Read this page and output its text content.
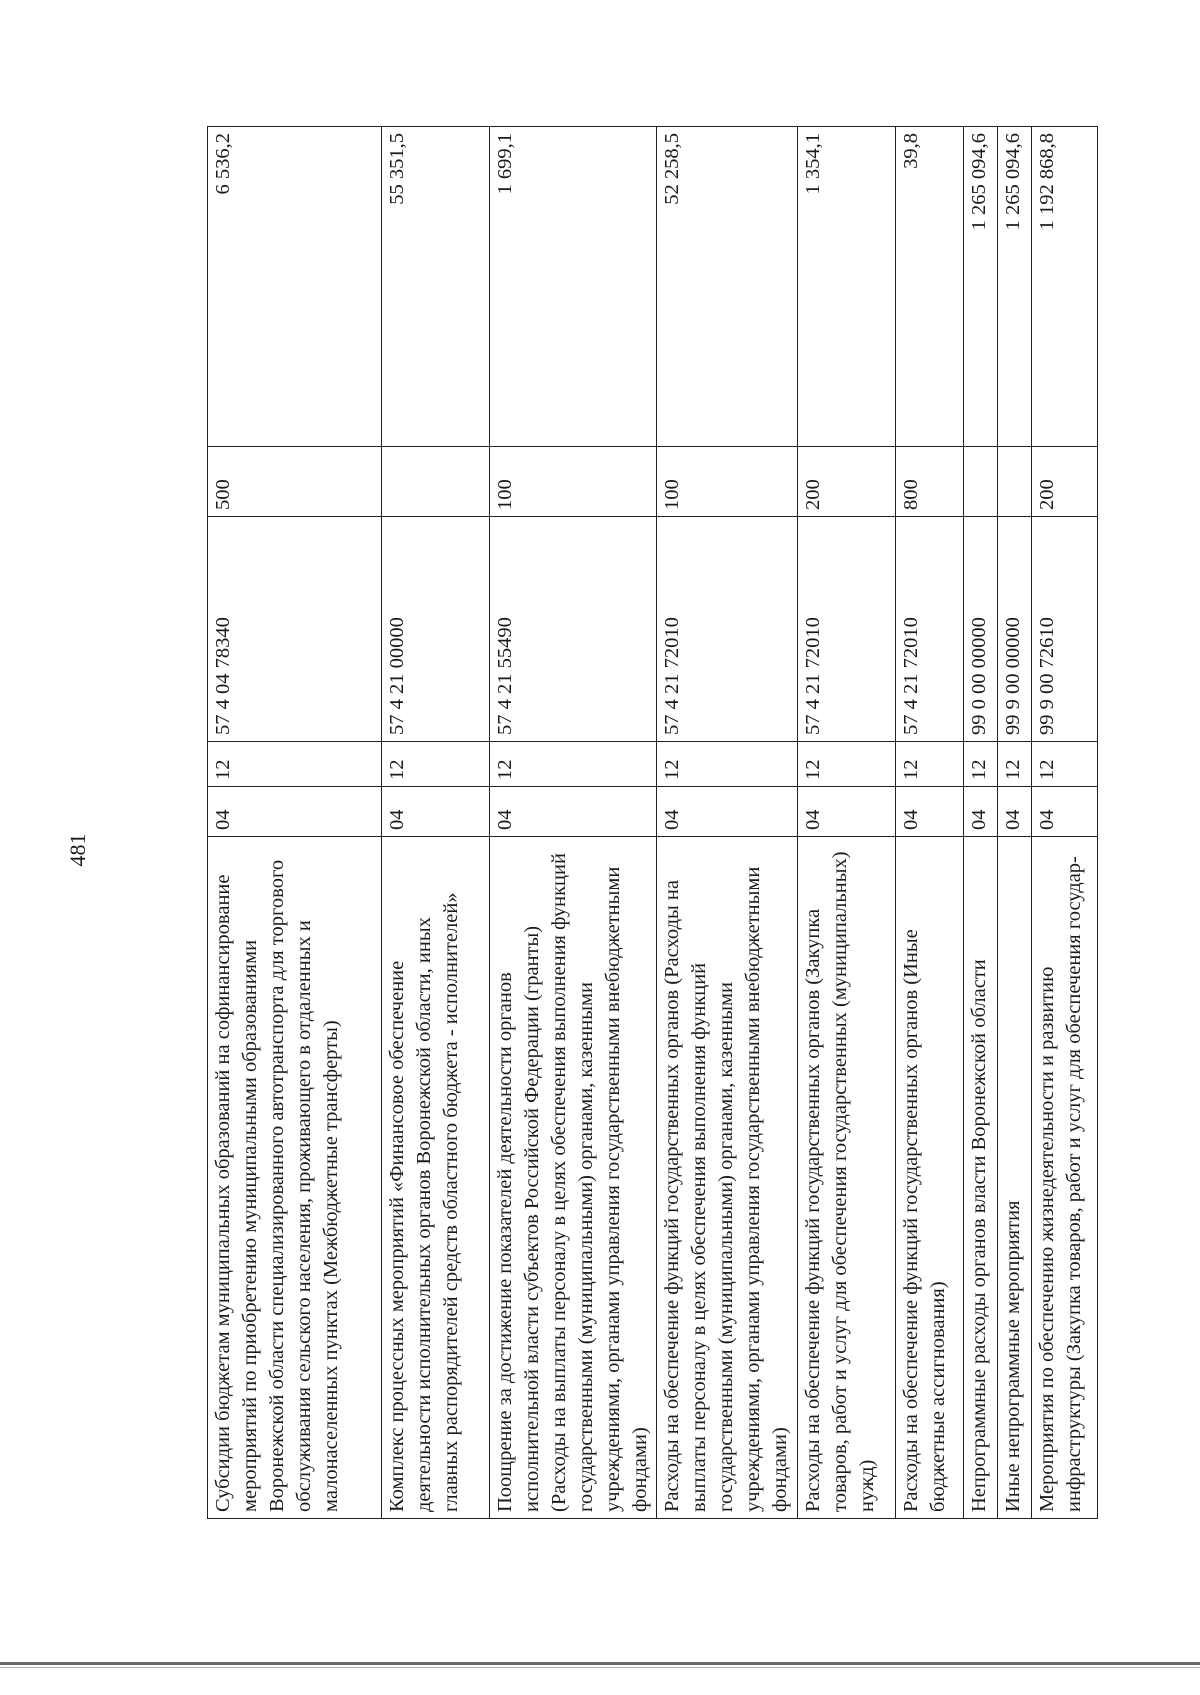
481
Субсидии бюджетам муниципальных образований на софинансирование мероприятий по приобретению муниципальными образованиями Воронежской области специализированного автотранспорта для торгового обслуживания сельского населения, проживающего в отдаленных и малонаселенных пунктах (Межбюджетные трансферты)	04	12	57 4 04 78340	500	6 536,2
Комплекс процессных мероприятий «Финансовое обеспечение деятельности исполнительных органов Воронежской области, иных главных распорядителей средств областного бюджета - исполнителей»	04	12	57 4 21 00000		55 351,5
Поощрение за достижение показателей деятельности органов исполнительной власти субъектов Российской Федерации (гранты) (Расходы на выплаты персоналу в целях обеспечения выполнения функций государственными (муниципальными) органами, казенными учреждениями, органами управления государственными внебюджетными фондами)	04	12	57 4 21 55490	100	1 699,1
Расходы на обеспечение функций государственных органов (Расходы на выплаты персоналу в целях обеспечения выполнения функций государственными (муниципальными) органами, казенными учреждениями, органами управления государственными внебюджетными фондами)	04	12	57 4 21 72010	100	52 258,5
Расходы на обеспечение функций государственных органов (Закупка товаров, работ и услуг для обеспечения государственных (муниципальных) нужд)	04	12	57 4 21 72010	200	1 354,1
Расходы на обеспечение функций государственных органов (Иные бюджетные ассигнования)	04	12	57 4 21 72010	800	39,8
Непрограммные расходы органов власти Воронежской области	04	12	99 0 00 00000		1 265 094,6
Иные непрограммные мероприятия	04	12	99 9 00 00000		1 265 094,6
Мероприятия по обеспечению жизнедеятельности и развитию инфраструктуры (Закупка товаров, работ и услуг для обеспечения государ-	04	12	99 9 00 72610	200	1 192 868,8
